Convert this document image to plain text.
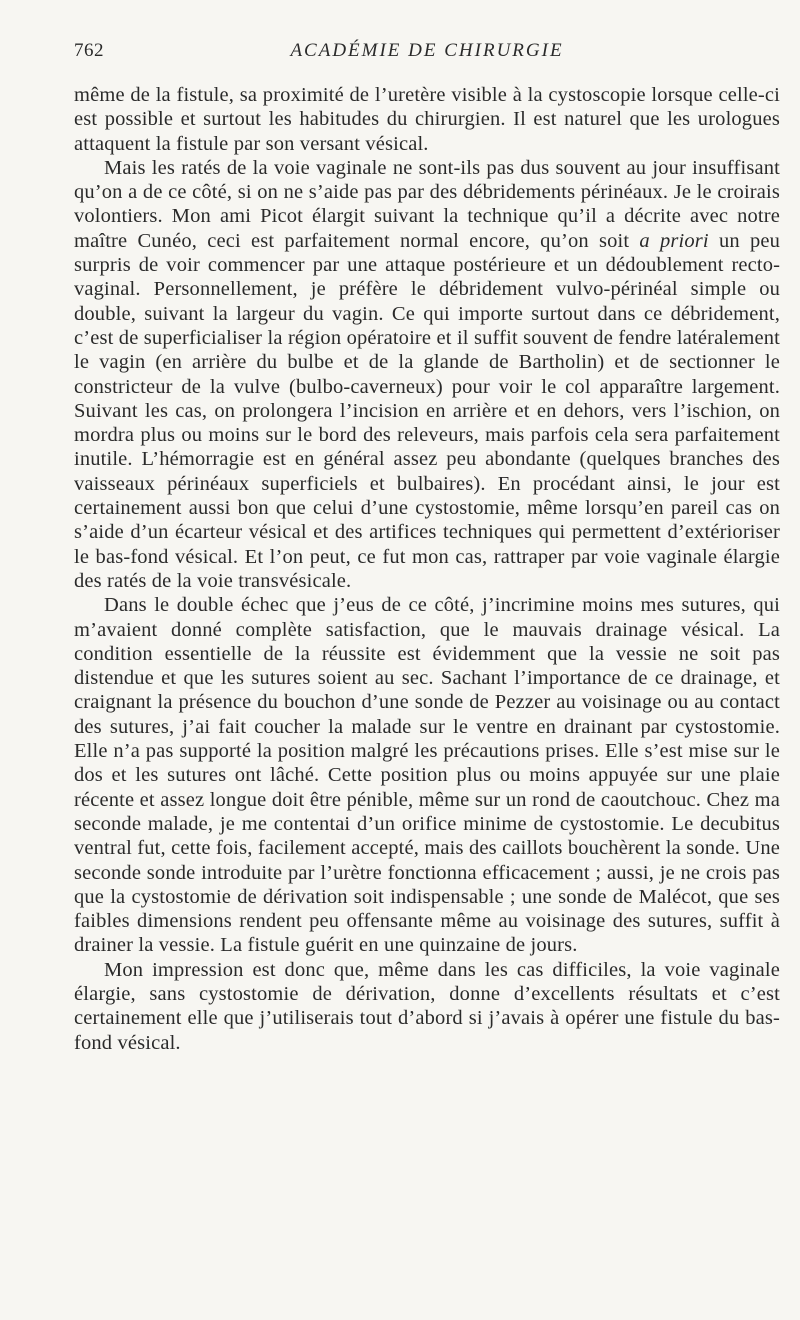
762	ACADÉMIE DE CHIRURGIE

même de la fistule, sa proximité de l’uretère visible à la cystoscopie lorsque celle-ci est possible et surtout les habitudes du chirurgien. Il est naturel que les urologues attaquent la fistule par son versant vésical.

Mais les ratés de la voie vaginale ne sont-ils pas dus souvent au jour insuffisant qu’on a de ce côté, si on ne s’aide pas par des débridements périnéaux. Je le croirais volontiers. Mon ami Picot élargit suivant la technique qu’il a décrite avec notre maître Cunéo, ceci est parfaitement normal encore, qu’on soit a priori un peu surpris de voir commencer par une attaque postérieure et un dédoublement rectovaginal. Personnellement, je préfère le débridement vulvo-périnéal simple ou double, suivant la largeur du vagin. Ce qui importe surtout dans ce débridement, c’est de superficialiser la région opératoire et il suffit souvent de fendre latéralement le vagin (en arrière du bulbe et de la glande de Bartholin) et de sectionner le constricteur de la vulve (bulbo-caverneux) pour voir le col apparaître largement. Suivant les cas, on prolongera l’incision en arrière et en dehors, vers l’ischion, on mordra plus ou moins sur le bord des releveurs, mais parfois cela sera parfaitement inutile. L’hémorragie est en général assez peu abondante (quelques branches des vaisseaux périnéaux superficiels et bulbaires). En procédant ainsi, le jour est certainement aussi bon que celui d’une cystostomie, même lorsqu’en pareil cas on s’aide d’un écarteur vésical et des artifices techniques qui permettent d’extérioriser le bas-fond vésical. Et l’on peut, ce fut mon cas, rattraper par voie vaginale élargie des ratés de la voie transvésicale.

Dans le double échec que j’eus de ce côté, j’incrimine moins mes sutures, qui m’avaient donné complète satisfaction, que le mauvais drainage vésical. La condition essentielle de la réussite est évidemment que la vessie ne soit pas distendue et que les sutures soient au sec. Sachant l’importance de ce drainage, et craignant la présence du bouchon d’une sonde de Pezzer au voisinage ou au contact des sutures, j’ai fait coucher la malade sur le ventre en drainant par cystostomie. Elle n’a pas supporté la position malgré les précautions prises. Elle s’est mise sur le dos et les sutures ont lâché. Cette position plus ou moins appuyée sur une plaie récente et assez longue doit être pénible, même sur un rond de caoutchouc. Chez ma seconde malade, je me contentai d’un orifice minime de cystostomie. Le decubitus ventral fut, cette fois, facilement accepté, mais des caillots bouchèrent la sonde. Une seconde sonde introduite par l’urètre fonctionna efficacement ; aussi, je ne crois pas que la cystostomie de dérivation soit indispensable ; une sonde de Malécot, que ses faibles dimensions rendent peu offensante même au voisinage des sutures, suffit à drainer la vessie. La fistule guérit en une quinzaine de jours.

Mon impression est donc que, même dans les cas difficiles, la voie vaginale élargie, sans cystostomie de dérivation, donne d’excellents résultats et c’est certainement elle que j’utiliserais tout d’abord si j’avais à opérer une fistule du bas-fond vésical.
